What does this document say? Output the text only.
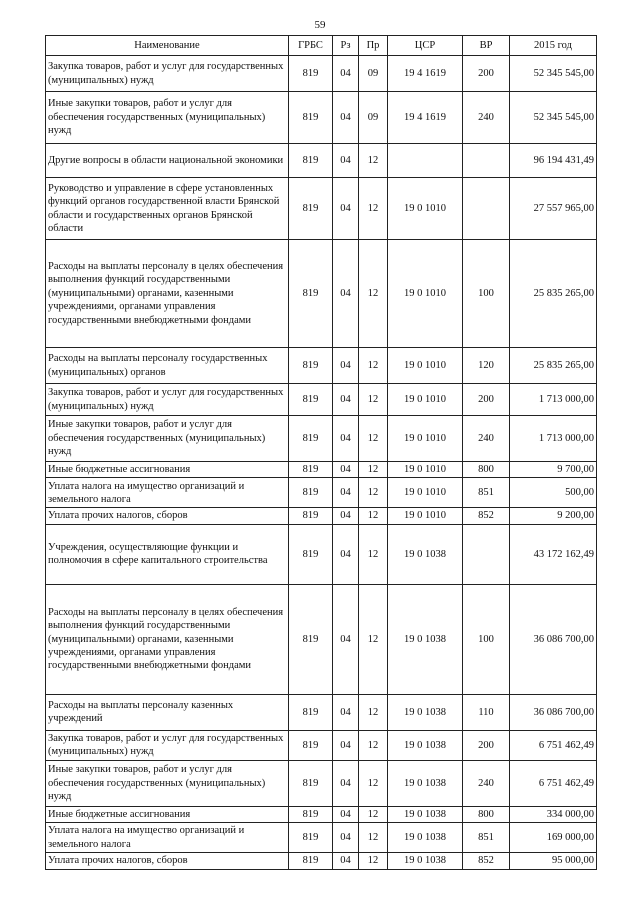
59
Наименование	ГРБС	Рз	Пр	ЦСР	ВР	2015 год
Закупка товаров, работ и услуг для государственных (муниципальных) нужд	819	04	09	19 4 1619	200	52 345 545,00
Иные закупки товаров, работ и услуг для обеспечения государственных (муниципальных) нужд	819	04	09	19 4 1619	240	52 345 545,00
Другие вопросы в области национальной экономики	819	04	12			96 194 431,49
Руководство и управление в сфере установленных функций органов государственной власти Брянской области и государственных органов Брянской области	819	04	12	19 0 1010		27 557 965,00
Расходы на выплаты персоналу в целях обеспечения выполнения функций государственными (муниципальными) органами, казенными учреждениями, органами управления государственными внебюджетными фондами	819	04	12	19 0 1010	100	25 835 265,00
Расходы на выплаты персоналу государственных (муниципальных) органов	819	04	12	19 0 1010	120	25 835 265,00
Закупка товаров, работ и услуг для государственных (муниципальных) нужд	819	04	12	19 0 1010	200	1 713 000,00
Иные закупки товаров, работ и услуг для обеспечения государственных (муниципальных) нужд	819	04	12	19 0 1010	240	1 713 000,00
Иные бюджетные ассигнования	819	04	12	19 0 1010	800	9 700,00
Уплата налога на имущество организаций и земельного налога	819	04	12	19 0 1010	851	500,00
Уплата прочих налогов, сборов	819	04	12	19 0 1010	852	9 200,00
Учреждения, осуществляющие функции и полномочия в сфере капитального строительства	819	04	12	19 0 1038		43 172 162,49
Расходы на выплаты персоналу в целях обеспечения выполнения функций государственными (муниципальными) органами, казенными учреждениями, органами управления государственными внебюджетными фондами	819	04	12	19 0 1038	100	36 086 700,00
Расходы на выплаты персоналу казенных учреждений	819	04	12	19 0 1038	110	36 086 700,00
Закупка товаров, работ и услуг для государственных (муниципальных) нужд	819	04	12	19 0 1038	200	6 751 462,49
Иные закупки товаров, работ и услуг для обеспечения государственных (муниципальных) нужд	819	04	12	19 0 1038	240	6 751 462,49
Иные бюджетные ассигнования	819	04	12	19 0 1038	800	334 000,00
Уплата налога на имущество организаций и земельного налога	819	04	12	19 0 1038	851	169 000,00
Уплата прочих налогов, сборов	819	04	12	19 0 1038	852	95 000,00
